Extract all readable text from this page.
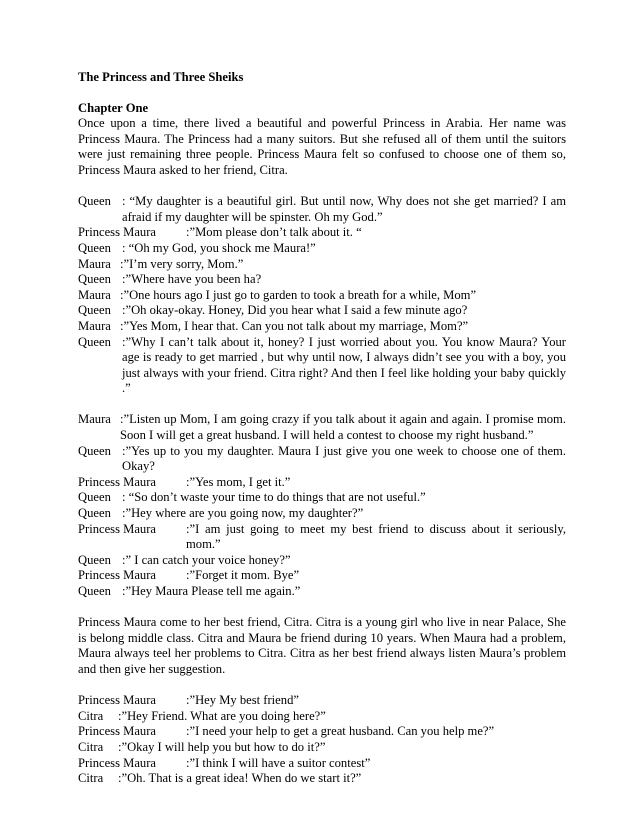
The Princess and Three Sheiks

Chapter One

Once upon a time, there lived a beautiful and powerful Princess in Arabia. Her name was Princess Maura. The Princess had a many suitors. But she refused all of them until the suitors were just remaining three people. Princess Maura felt so confused to choose one of them so, Princess Maura asked to her friend, Citra.

Queen : “My daughter is a beautiful girl. But until now, Why does not she get married? I am afraid if my daughter will be spinster. Oh my God.”
Princess Maura	:”Mom please don’t talk about it. “
Queen : “Oh my God, you shock me Maura!”
Maura :”I’m very sorry, Mom.”
Queen :”Where have you been ha?
Maura :”One hours ago I just go to garden to took a breath for a while, Mom”
Queen :”Oh okay-okay. Honey, Did you hear what I said a few minute ago?
Maura :”Yes Mom, I hear that. Can you not talk about my marriage, Mom?”
Queen :”Why I can’t talk about it, honey? I just worried about you. You know Maura? Your age is ready to get married , but why until now, I always didn’t see you with a boy, you just always with your friend. Citra right? And then I feel like holding your baby quickly .”
Maura :”Listen up Mom, I am going crazy if you talk about it again and again. I promise mom. Soon I will get a great husband. I will held a contest to choose my right husband.”
Queen :”Yes up to you my daughter. Maura I just give you one week to choose one of them. Okay?
Princess Maura	:”Yes mom, I get it.”
Queen : “So don’t waste your time to do things that are not useful.”
Queen :”Hey where are you going now, my daughter?”
Princess Maura	:”I am just going to meet my best friend to discuss about it seriously, mom.”
Queen :” I can catch your voice honey?”
Princess Maura	:”Forget it mom. Bye”
Queen :”Hey Maura Please tell me again.”

Princess Maura come to her best friend, Citra. Citra is a young girl who live in near Palace, She is belong middle class. Citra and Maura be friend during 10 years. When Maura had a problem, Maura always teel her problems to Citra. Citra as her best friend always listen Maura’s problem and then give her suggestion.

Princess Maura	:”Hey My best friend”
Citra	:”Hey Friend. What are you doing here?”
Princess Maura	:”I need your help to get a great husband. Can you help me?”
Citra	:”Okay I will help you but how to do it?”
Princess Maura	:”I think I will have a suitor contest”
Citra	:”Oh. That is a great idea! When do we start it?”
